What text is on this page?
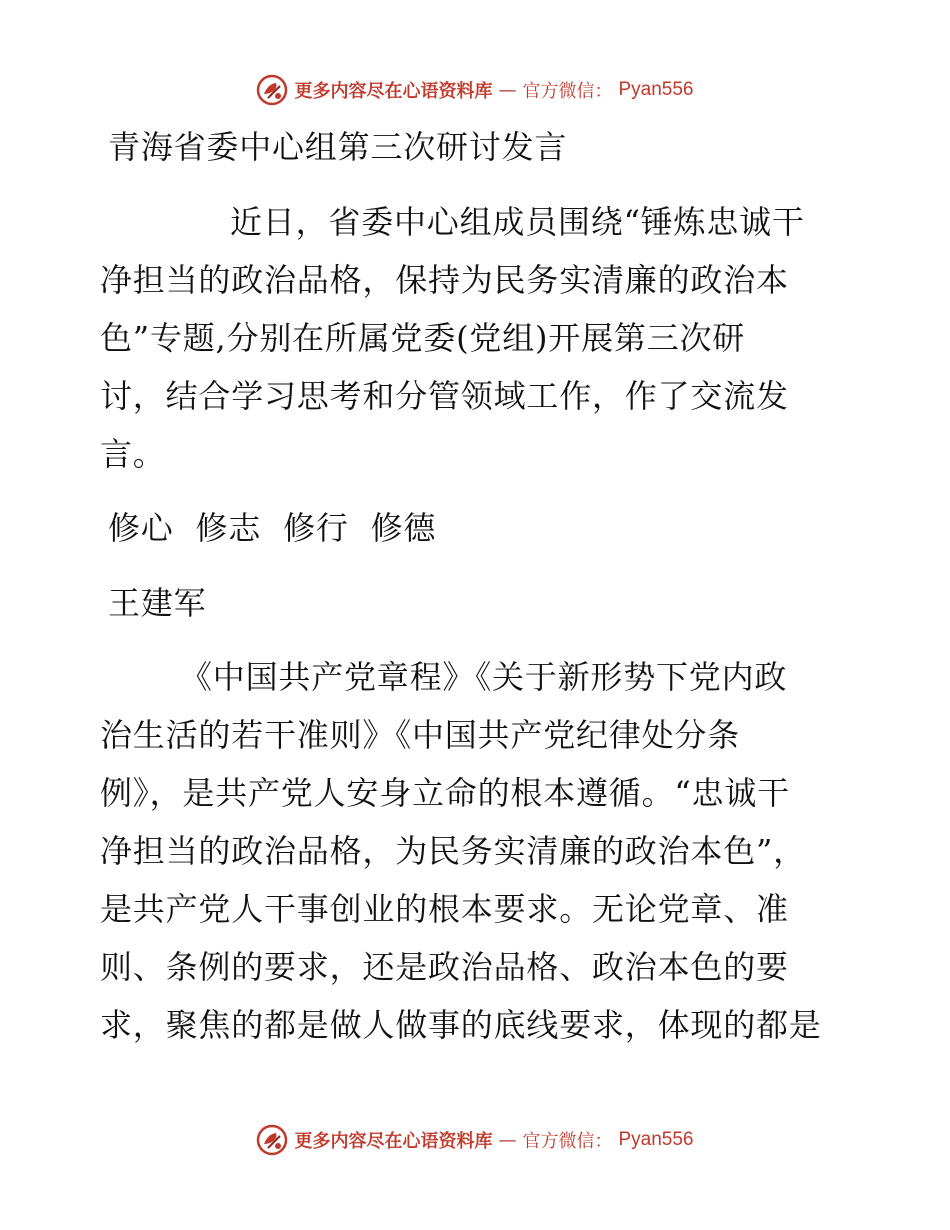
更多内容尽在心语资料库 — 官方微信： Pyan556
青海省委中心组第三次研讨发言
近日，省委中心组成员围绕“锤炼忠诚干
净担当的政治品格，保持为民务实清廉的政治本
色”专题,分别在所属党委(党组)开展第三次研
讨，结合学习思考和分管领域工作，作了交流发
言。
修心  修志  修行  修德
王建军
《中国共产党章程》《关于新形势下党内政
治生活的若干准则》《中国共产党纪律处分条
例》，是共产党人安身立命的根本遵循。“忠诚干
净担当的政治品格，为民务实清廉的政治本色”，
是共产党人干事创业的根本要求。无论党章、准
则、条例的要求，还是政治品格、政治本色的要
求，聚焦的都是做人做事的底线要求，体现的都是
更多内容尽在心语资料库 — 官方微信： Pyan556
